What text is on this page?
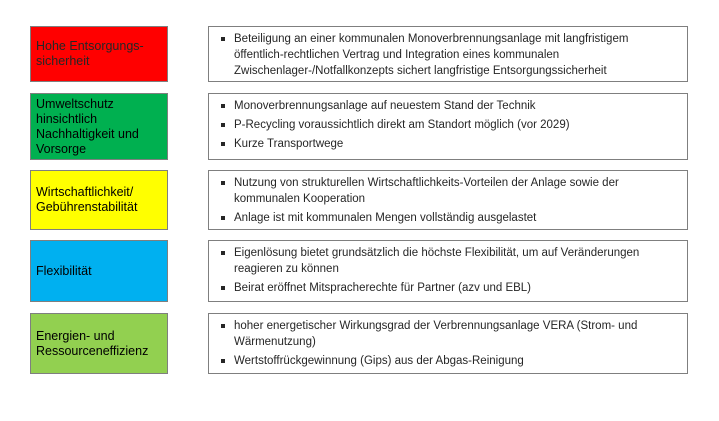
Hohe Entsorgungs-sicherheit
Beteiligung an einer kommunalen Monoverbrennungsanlage mit langfristigem öffentlich-rechtlichen Vertrag und Integration eines kommunalen Zwischenlager-/Notfallkonzepts sichert langfristige Entsorgungssicherheit
Umweltschutz hinsichtlich Nachhaltigkeit und Vorsorge
Monoverbrennungsanlage auf neuestem Stand der Technik
P-Recycling voraussichtlich direkt am Standort möglich (vor 2029)
Kurze Transportwege
Wirtschaftlichkeit/ Gebührenstabilität
Nutzung von strukturellen Wirtschaftlichkeits-Vorteilen der Anlage sowie der kommunalen Kooperation
Anlage ist mit kommunalen Mengen vollständig ausgelastet
Flexibilität
Eigenlösung bietet grundsätzlich die höchste Flexibilität, um auf Veränderungen reagieren zu können
Beirat eröffnet Mitspracherechte für Partner (azv und EBL)
Energien- und Ressourceneffizienz
hoher energetischer Wirkungsgrad der Verbrennungsanlage VERA (Strom- und Wärmenutzung)
Wertstoffrückgewinnung (Gips) aus der Abgas-Reinigung
